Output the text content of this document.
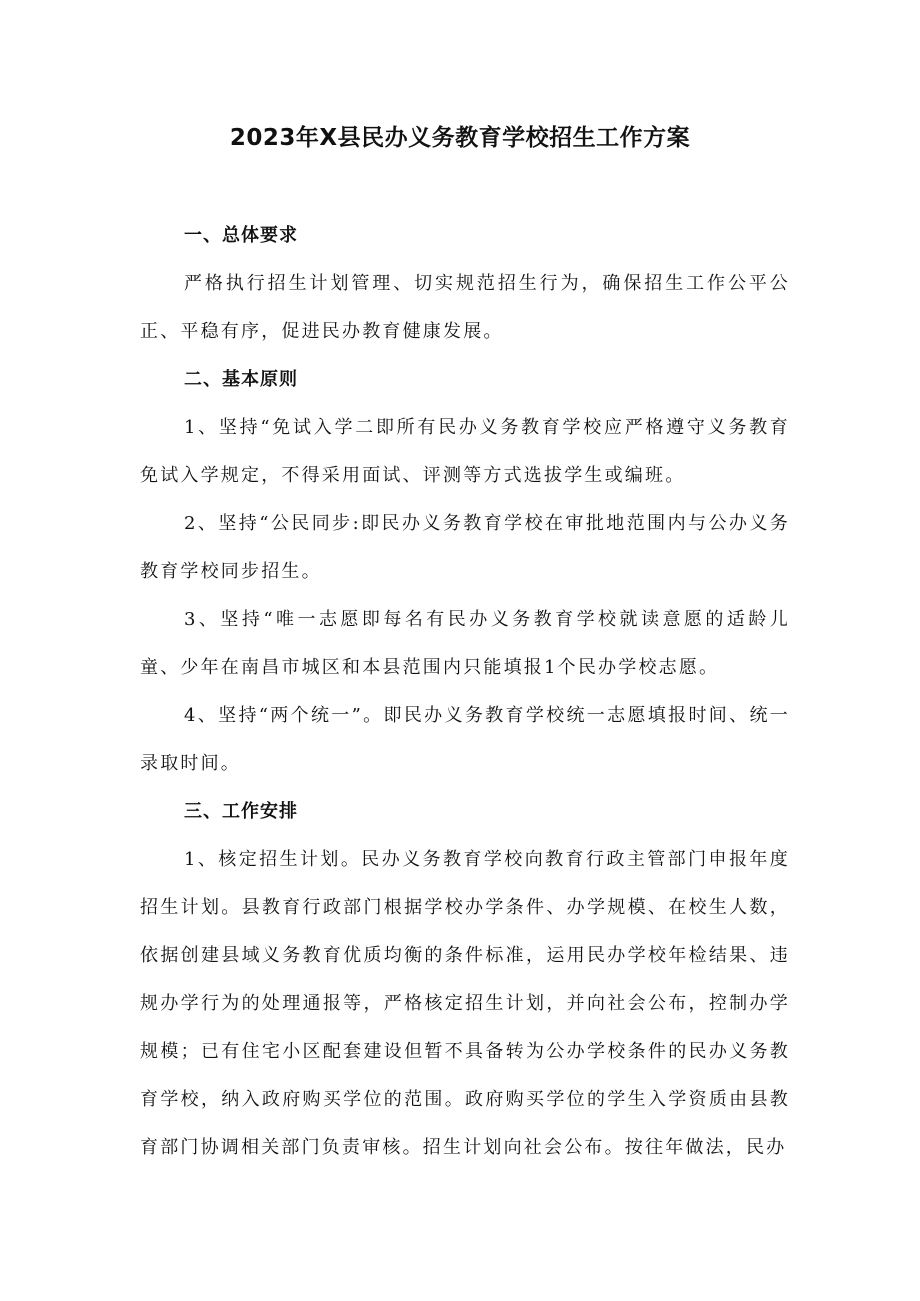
2023年X县民办义务教育学校招生工作方案
一、总体要求

严格执行招生计划管理、切实规范招生行为，确保招生工作公平公正、平稳有序，促进民办教育健康发展。

二、基本原则

1、坚持“免试入学二即所有民办义务教育学校应严格遵守义务教育免试入学规定，不得采用面试、评测等方式选拔学生或编班。

2、坚持“公民同步:即民办义务教育学校在审批地范围内与公办义务教育学校同步招生。

3、坚持“唯一志愿即每名有民办义务教育学校就读意愿的适龄儿童、少年在南昌市城区和本县范围内只能填报1个民办学校志愿。

4、坚持“两个统一”。即民办义务教育学校统一志愿填报时间、统一录取时间。

三、工作安排

1、核定招生计划。民办义务教育学校向教育行政主管部门申报年度招生计划。县教育行政部门根据学校办学条件、办学规模、在校生人数，依据创建县域义务教育优质均衡的条件标准，运用民办学校年检结果、违规办学行为的处理通报等，严格核定招生计划，并向社会公布，控制办学规模；已有住宅小区配套建设但暂不具备转为公办学校条件的民办义务教育学校，纳入政府购买学位的范围。政府购买学位的学生入学资质由县教育部门协调相关部门负责审核。招生计划向社会公布。按往年做法，民办
